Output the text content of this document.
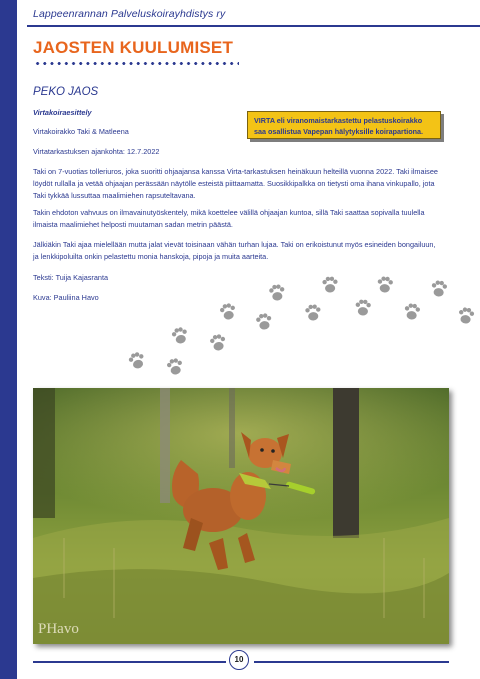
Lappeenrannan Palveluskoirayhdistys ry
JAOSTEN KUULUMISET
PEKO JAOS
Virtakoiraesittely
Virtakoirakko Taki & Matleena
Virtatarkastuksen ajankohta: 12.7.2022
Taki on 7-vuotias tolleriuros, joka suoritti ohjaajansa kanssa Virta-tarkastuksen heinäkuun helteillä vuonna 2022. Taki ilmaisee löydöt rullalla ja vetää ohjaajan perässään näytölle esteistä piittaamatta. Suosikkipalkka on tietysti oma ihana vinkupallo, jota Taki tykkää lussuttaa maalimiehen rapsuteltavana.
Takin ehdoton vahvuus on ilmavainutyöskentely, mikä koettelee välillä ohjaajan kuntoa, sillä Taki saattaa sopivalla tuulella ilmaista maalimiehet helposti muutaman sadan metrin päästä.
Jälkiäkin Taki ajaa mielellään mutta jalat vievät toisinaan vähän turhan lujaa. Taki on erikoistunut myös esineiden bongailuun, ja lenkkipoluilta onkin pelastettu monia hanskoja, pipoja ja muita aarteita.
Teksti: Tuija Kajasranta
Kuva: Pauliina Havo
VIRTA eli viranomaistarkastettu pelastuskoirakko saa osallistua Vapepan hälytyksille koirapartiona.
PHavo
10
